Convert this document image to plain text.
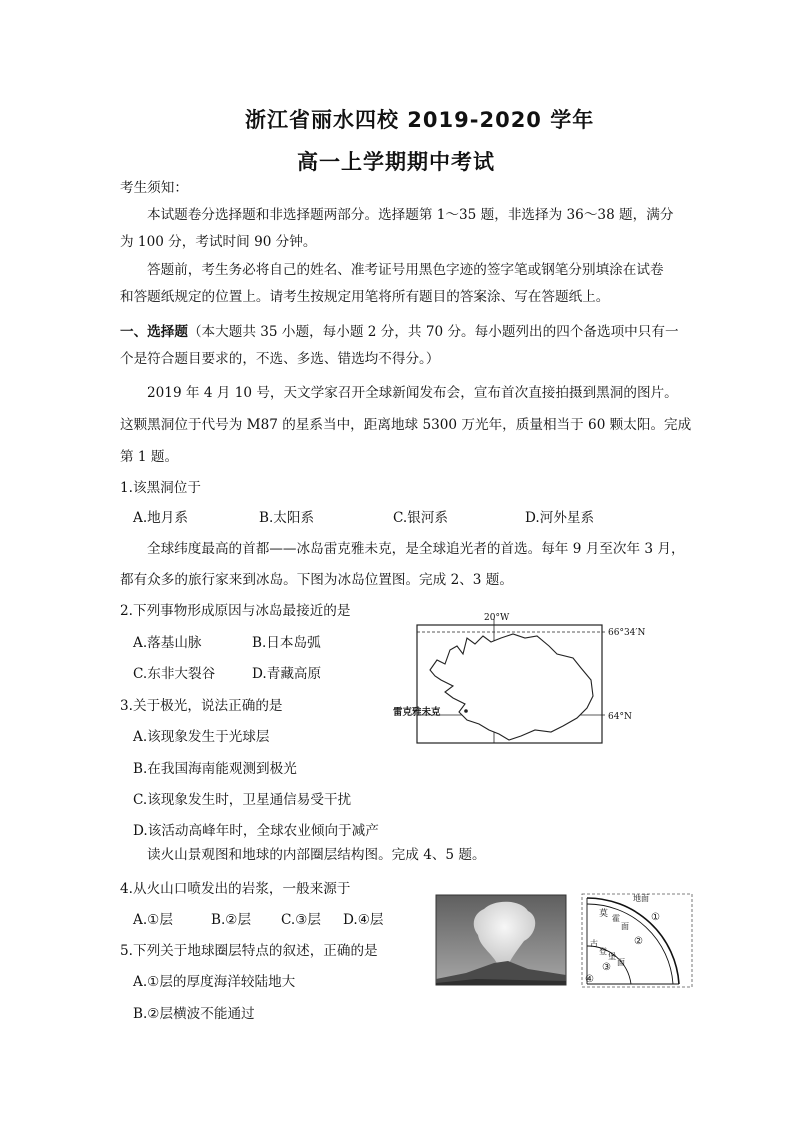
浙江省丽水四校 2019-2020 学年
高一上学期期中考试
考生须知：
本试题卷分选择题和非选择题两部分。选择题第 1～35 题，非选择为 36～38 题，满分
为 100 分，考试时间 90 分钟。
答题前，考生务必将自己的姓名、准考证号用黑色字迹的签字笔或钢笔分别填涂在试卷
和答题纸规定的位置上。请考生按规定用笔将所有题目的答案涂、写在答题纸上。
一、选择题（本大题共 35 小题，每小题 2 分，共 70 分。每小题列出的四个备选项中只有一
个是符合题目要求的，不选、多选、错选均不得分。）
2019 年 4 月 10 号，天文学家召开全球新闻发布会，宣布首次直接拍摄到黑洞的图片。
这颗黑洞位于代号为 M87 的星系当中，距离地球 5300 万光年，质量相当于 60 颗太阳。完成
第 1 题。
1.该黑洞位于
A.地月系	B.太阳系	C.银河系	D.河外星系
全球纬度最高的首都——冰岛雷克雅未克，是全球追光者的首选。每年 9 月至次年 3 月，
都有众多的旅行家来到冰岛。下图为冰岛位置图。完成 2、3 题。
2.下列事物形成原因与冰岛最接近的是
A.落基山脉	B.日本岛弧
C.东非大裂谷	D.青藏高原
3.关于极光，说法正确的是
A.该现象发生于光球层
B.在我国海南能观测到极光
C.该现象发生时，卫星通信易受干扰
D.该活动高峰年时，全球农业倾向于减产
读火山景观图和地球的内部圈层结构图。完成 4、5 题。
4.从火山口喷发出的岩浆，一般来源于
A.①层	B.②层 C.③层 D.④层
5.下列关于地球圈层特点的叙述，正确的是
A.①层的厚度海洋较陆地大
B.②层横波不能通过
20°W
66°34′N
64°N
雷克雅未克
地面
莫 霍
面
古
登
堡
面
①
②
③
④
